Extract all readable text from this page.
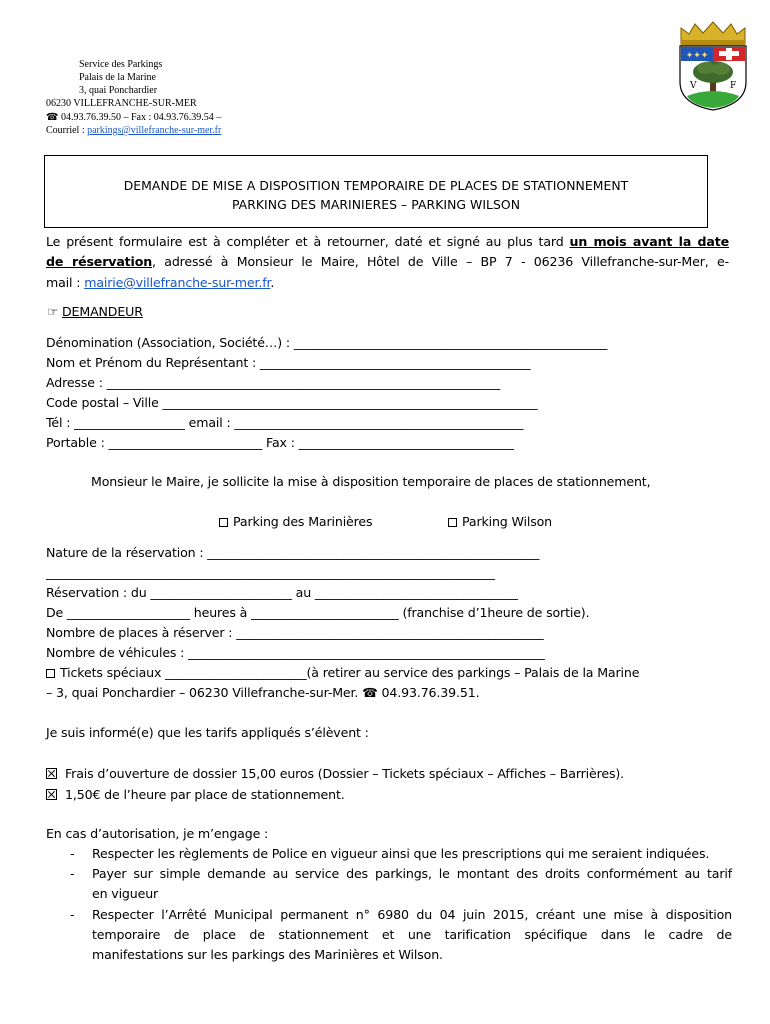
Service des Parkings
Palais de la Marine
3, quai Ponchardier
06230 VILLEFRANCHE-SUR-MER
☎ 04.93.76.39.50 – Fax : 04.93.76.39.54 –
Courriel : parkings@villefranche-sur-mer.fr
✦✦✦
V	F
DEMANDE DE MISE A DISPOSITION TEMPORAIRE DE PLACES DE STATIONNEMENT
PARKING DES MARINIERES – PARKING WILSON
Le présent formulaire est à compléter et à retourner, daté et signé au plus tard un mois avant la date
de réservation, adressé à Monsieur le Maire, Hôtel de Ville – BP 7 - 06236 Villefranche-sur-Mer, e-
mail : mairie@villefranche-sur-mer.fr.
☞ DEMANDEUR
Dénomination (Association, Société…) : ___________________________________________________
Nom et Prénom du Représentant : ____________________________________________
Adresse : ________________________________________________________________
Code postal – Ville _____________________________________________________________
Tél : __________________ email : _______________________________________________
Portable : _________________________ Fax : ___________________________________
Monsieur le Maire, je sollicite la mise à disposition temporaire de places de stationnement,
Parking des Marinières	Parking Wilson
Nature de la réservation : ______________________________________________________
_________________________________________________________________________
Réservation : du _______________________ au _________________________________
De ____________________ heures à ________________________ (franchise d’1heure de sortie).
Nombre de places à réserver : __________________________________________________
Nombre de véhicules : __________________________________________________________
Tickets spéciaux _______________________(à retirer au service des parkings – Palais de la Marine
– 3, quai Ponchardier – 06230 Villefranche-sur-Mer. ☎ 04.93.76.39.51.
Je suis informé(e) que les tarifs appliqués s’élèvent :
Frais d’ouverture de dossier 15,00 euros (Dossier – Tickets spéciaux – Affiches – Barrières).
1,50€ de l’heure par place de stationnement.
En cas d’autorisation, je m’engage :
- Respecter les règlements de Police en vigueur ainsi que les prescriptions qui me seraient indiquées.
- Payer sur simple demande au service des parkings, le montant des droits conformément au tarif
en vigueur
- Respecter l’Arrêté Municipal permanent n° 6980 du 04 juin 2015, créant une mise à disposition
temporaire de place de stationnement et une tarification spécifique dans le cadre de
manifestations sur les parkings des Marinières et Wilson.
